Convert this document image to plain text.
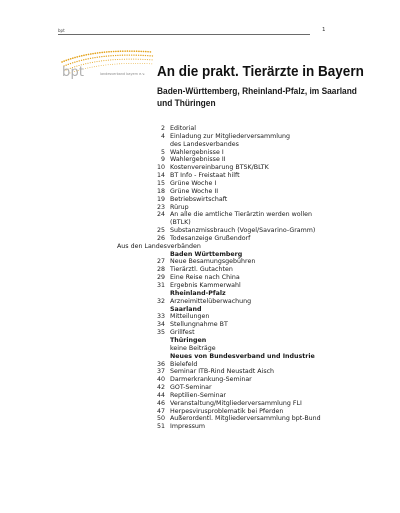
bpt	1
bpt	landesverband bayern e.v. An die prakt. Tierärzte in Bayern
Baden-Württemberg, Rheinland-Pfalz, im Saarland
und Thüringen
2 Editorial
4 Einladung zur Mitgliederversammlung
des Landesverbandes
5 Wahlergebnisse I
9 Wahlergebnisse II
10 Kostenvereinbarung BTSK/BLTK
14 BT Info - Freistaat hilft
15 Grüne Woche I
18 Grüne Woche II
19 Betriebswirtschaft
23 Rürup
24 An alle die amtliche Tierärztin werden wollen
(BTLK)
25 Substanzmissbrauch (Vogel/Savarino-Gramm)
26 Todesanzeige Grußendorf
Aus den Landesverbänden
Baden Württemberg
27 Neue Besamungsgebühren
28 Tierärztl. Gutachten
29 Eine Reise nach China
31 Ergebnis Kammerwahl
Rheinland-Pfalz
32 Arzneimittelüberwachung
Saarland
33 Mitteilungen
34 Stellungnahme BT
35 Grillfest
Thüringen
keine Beiträge
Neues von Bundesverband und Industrie
36 Bielefeld
37 Seminar ITB-Rind Neustadt Aisch
40 Darmerkrankung-Seminar
42 GOT-Seminar
44 Reptilien-Seminar
46 Veranstaltung/Mitgliederversammlung FLI
47 Herpesvirusproblematik bei Pferden
50 Außerordentl. Mitgliederversammlung bpt-Bund
51 Impressum
